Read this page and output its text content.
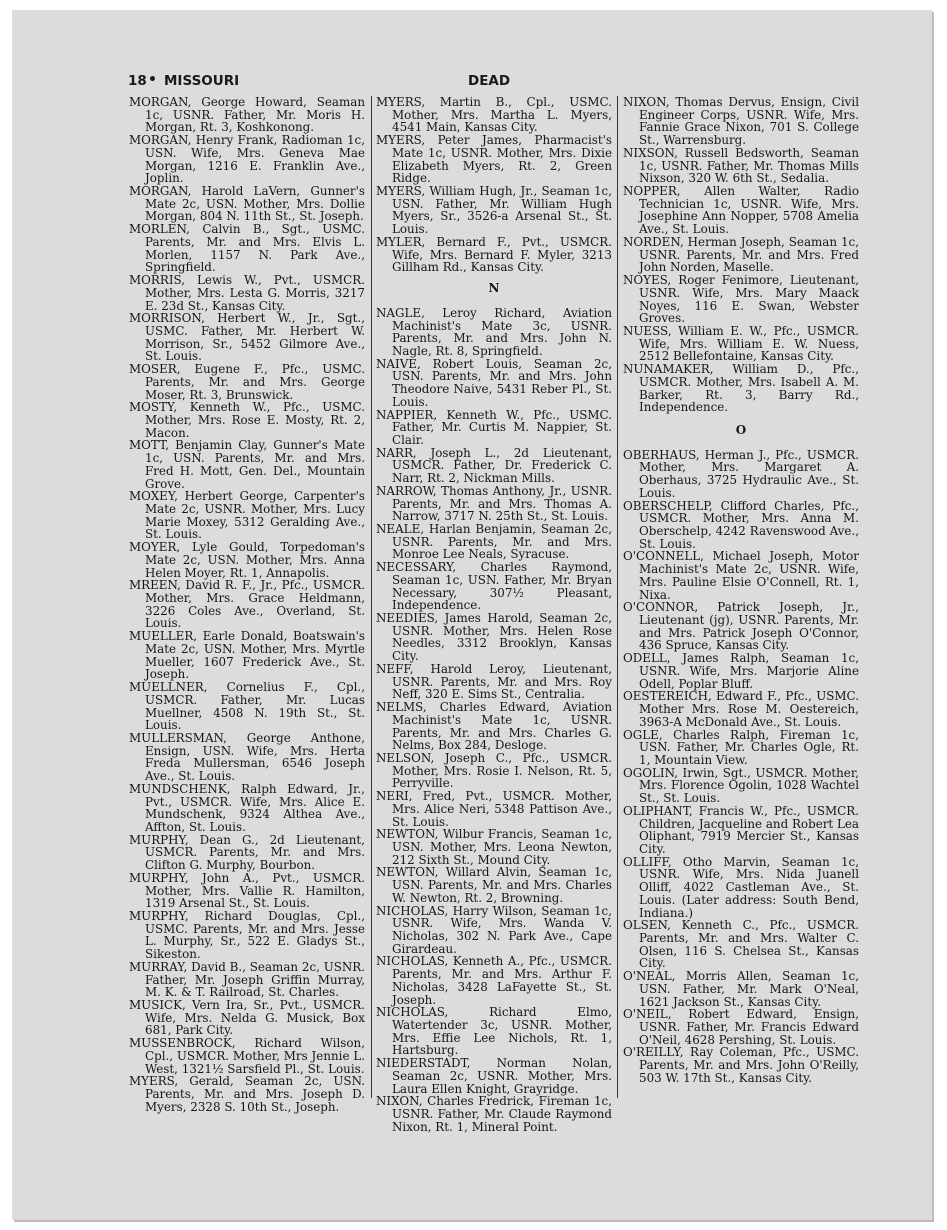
18 • MISSOURI	DEAD

MORGAN, George Howard, Seaman 1c, USNR. Father, Mr. Moris H. Morgan, Rt. 3, Koshkonong.

MORGAN, Henry Frank, Radioman 1c, USN. Wife, Mrs. Geneva Mae Morgan, 1216 E. Franklin Ave., Joplin.

MORGAN, Harold LaVern, Gunner's Mate 2c, USN. Mother, Mrs. Dollie Morgan, 804 N. 11th St., St. Joseph.

MORLEN, Calvin B., Sgt., USMC. Parents, Mr. and Mrs. Elvis L. Morlen, 1157 N. Park Ave., Springfield.

MORRIS, Lewis W., Pvt., USMCR. Mother, Mrs. Lesta G. Morris, 3217 E. 23d St., Kansas City.

MORRISON, Herbert W., Jr., Sgt., USMC. Father, Mr. Herbert W. Morrison, Sr., 5452 Gilmore Ave., St. Louis.

MOSER, Eugene F., Pfc., USMC. Parents, Mr. and Mrs. George Moser, Rt. 3, Brunswick.

MOSTY, Kenneth W., Pfc., USMC. Mother, Mrs. Rose E. Mosty, Rt. 2, Macon.

MOTT, Benjamin Clay, Gunner's Mate 1c, USN. Parents, Mr. and Mrs. Fred H. Mott, Gen. Del., Mountain Grove.

MOXEY, Herbert George, Carpenter's Mate 2c, USNR. Mother, Mrs. Lucy Marie Moxey, 5312 Geralding Ave., St. Louis.

MOYER, Lyle Gould, Torpedoman's Mate 2c, USN. Mother, Mrs. Anna Helen Moyer, Rt. 1, Annapolis.

MREEN, David R. F., Jr., Pfc., USMCR. Mother, Mrs. Grace Heldmann, 3226 Coles Ave., Overland, St. Louis.

MUELLER, Earle Donald, Boatswain's Mate 2c, USN. Mother, Mrs. Myrtle Mueller, 1607 Frederick Ave., St. Joseph.

MUELLNER, Cornelius F., Cpl., USMCR. Father, Mr. Lucas Muellner, 4508 N. 19th St., St. Louis.

MULLERSMAN, George Anthone, Ensign, USN. Wife, Mrs. Herta Freda Mullersman, 6546 Joseph Ave., St. Louis.

MUNDSCHENK, Ralph Edward, Jr., Pvt., USMCR. Wife, Mrs. Alice E. Mundschenk, 9324 Althea Ave., Affton, St. Louis.

MURPHY, Dean G., 2d Lieutenant, USMCR. Parents, Mr. and Mrs. Clifton G. Murphy, Bourbon.

MURPHY, John A., Pvt., USMCR. Mother, Mrs. Vallie R. Hamilton, 1319 Arsenal St., St. Louis.

MURPHY, Richard Douglas, Cpl., USMC. Parents, Mr. and Mrs. Jesse L. Murphy, Sr., 522 E. Gladys St., Sikeston.

MURRAY, David B., Seaman 2c, USNR. Father, Mr. Joseph Griffin Murray, M. K. & T. Railroad, St. Charles.

MUSICK, Vern Ira, Sr., Pvt., USMCR. Wife, Mrs. Nelda G. Musick, Box 681, Park City.

MUSSENBROCK, Richard Wilson, Cpl., USMCR. Mother, Mrs Jennie L. West, 1321½ Sarsfield Pl., St. Louis.

MYERS, Gerald, Seaman 2c, USN. Parents, Mr. and Mrs. Joseph D. Myers, 2328 S. 10th St., Joseph.

MYERS, Martin B., Cpl., USMC. Mother, Mrs. Martha L. Myers, 4541 Main, Kansas City.

MYERS, Peter James, Pharmacist's Mate 1c, USNR. Mother, Mrs. Dixie Elizabeth Myers, Rt. 2, Green Ridge.

MYERS, William Hugh, Jr., Seaman 1c, USN. Father, Mr. William Hugh Myers, Sr., 3526-a Arsenal St., St. Louis.

MYLER, Bernard F., Pvt., USMCR. Wife, Mrs. Bernard F. Myler, 3213 Gillham Rd., Kansas City.

N

NAGLE, Leroy Richard, Aviation Machinist's Mate 3c, USNR. Parents, Mr. and Mrs. John N. Nagle, Rt. 8, Springfield.

NAIVE, Robert Louis, Seaman 2c, USN. Parents, Mr. and Mrs. John Theodore Naive, 5431 Reber Pl., St. Louis.

NAPPIER, Kenneth W., Pfc., USMC. Father, Mr. Curtis M. Nappier, St. Clair.

NARR, Joseph L., 2d Lieutenant, USMCR. Father, Dr. Frederick C. Narr, Rt. 2, Nickman Mills.

NARROW, Thomas Anthony, Jr., USNR. Parents, Mr. and Mrs. Thomas A. Narrow, 3717 N. 25th St., St. Louis.

NEALE, Harlan Benjamin, Seaman 2c, USNR. Parents, Mr. and Mrs. Monroe Lee Neals, Syracuse.

NECESSARY, Charles Raymond, Seaman 1c, USN. Father, Mr. Bryan Necessary, 307½ Pleasant, Independence.

NEEDIES, James Harold, Seaman 2c, USNR. Mother, Mrs. Helen Rose Needles, 3312 Brooklyn, Kansas City.

NEFF, Harold Leroy, Lieutenant, USNR. Parents, Mr. and Mrs. Roy Neff, 320 E. Sims St., Centralia.

NELMS, Charles Edward, Aviation Machinist's Mate 1c, USNR. Parents, Mr. and Mrs. Charles G. Nelms, Box 284, Desloge.

NELSON, Joseph C., Pfc., USMCR. Mother, Mrs. Rosie I. Nelson, Rt. 5, Perryville.

NERI, Fred, Pvt., USMCR. Mother, Mrs. Alice Neri, 5348 Pattison Ave., St. Louis.

NEWTON, Wilbur Francis, Seaman 1c, USN. Mother, Mrs. Leona Newton, 212 Sixth St., Mound City.

NEWTON, Willard Alvin, Seaman 1c, USN. Parents, Mr. and Mrs. Charles W. Newton, Rt. 2, Browning.

NICHOLAS, Harry Wilson, Seaman 1c, USNR. Wife, Mrs. Wanda V. Nicholas, 302 N. Park Ave., Cape Girardeau.

NICHOLAS, Kenneth A., Pfc., USMCR. Parents, Mr. and Mrs. Arthur F. Nicholas, 3428 LaFayette St., St. Joseph.

NICHOLAS, Richard Elmo, Watertender 3c, USNR. Mother, Mrs. Effie Lee Nichols, Rt. 1, Hartsburg.

NIEDERSTADT, Norman Nolan, Seaman 2c, USNR. Mother, Mrs. Laura Ellen Knight, Grayridge.

NIXON, Charles Fredrick, Fireman 1c, USNR. Father, Mr. Claude Raymond Nixon, Rt. 1, Mineral Point.

NIXON, Thomas Dervus, Ensign, Civil Engineer Corps, USNR. Wife, Mrs. Fannie Grace Nixon, 701 S. College St., Warrensburg.

NIXSON, Russell Bedsworth, Seaman 1c, USNR. Father, Mr. Thomas Mills Nixson, 320 W. 6th St., Sedalia.

NOPPER, Allen Walter, Radio Technician 1c, USNR. Wife, Mrs. Josephine Ann Nopper, 5708 Amelia Ave., St. Louis.

NORDEN, Herman Joseph, Seaman 1c, USNR. Parents, Mr. and Mrs. Fred John Norden, Maselle.

NOYES, Roger Fenimore, Lieutenant, USNR. Wife, Mrs. Mary Maack Noyes, 116 E. Swan, Webster Groves.

NUESS, William E. W., Pfc., USMCR. Wife, Mrs. William E. W. Nuess, 2512 Bellefontaine, Kansas City.

NUNAMAKER, William D., Pfc., USMCR. Mother, Mrs. Isabell A. M. Barker, Rt. 3, Barry Rd., Independence.

O

OBERHAUS, Herman J., Pfc., USMCR. Mother, Mrs. Margaret A. Oberhaus, 3725 Hydraulic Ave., St. Louis.

OBERSCHELP, Clifford Charles, Pfc., USMCR. Mother, Mrs. Anna M. Oberschelp, 4242 Ravenswood Ave., St. Louis.

O'CONNELL, Michael Joseph, Motor Machinist's Mate 2c, USNR. Wife, Mrs. Pauline Elsie O'Connell, Rt. 1, Nixa.

O'CONNOR, Patrick Joseph, Jr., Lieutenant (jg), USNR. Parents, Mr. and Mrs. Patrick Joseph O'Connor, 436 Spruce, Kansas City.

ODELL, James Ralph, Seaman 1c, USNR. Wife, Mrs. Marjorie Aline Odell, Poplar Bluff.

OESTEREICH, Edward F., Pfc., USMC. Mother Mrs. Rose M. Oestereich, 3963-A McDonald Ave., St. Louis.

OGLE, Charles Ralph, Fireman 1c, USN. Father, Mr. Charles Ogle, Rt. 1, Mountain View.

OGOLIN, Irwin, Sgt., USMCR. Mother, Mrs. Florence Ogolin, 1028 Wachtel St., St. Louis.

OLIPHANT, Francis W., Pfc., USMCR. Children, Jacqueline and Robert Lea Oliphant, 7919 Mercier St., Kansas City.

OLLIFF, Otho Marvin, Seaman 1c, USNR. Wife, Mrs. Nida Juanell Olliff, 4022 Castleman Ave., St. Louis. (Later address: South Bend, Indiana.)

OLSEN, Kenneth C., Pfc., USMCR. Parents, Mr. and Mrs. Walter C. Olsen, 116 S. Chelsea St., Kansas City.

O'NEAL, Morris Allen, Seaman 1c, USN. Father, Mr. Mark O'Neal, 1621 Jackson St., Kansas City.

O'NEIL, Robert Edward, Ensign, USNR. Father, Mr. Francis Edward O'Neil, 4628 Pershing, St. Louis.

O'REILLY, Ray Coleman, Pfc., USMC. Parents, Mr. and Mrs. John O'Reilly, 503 W. 17th St., Kansas City.
